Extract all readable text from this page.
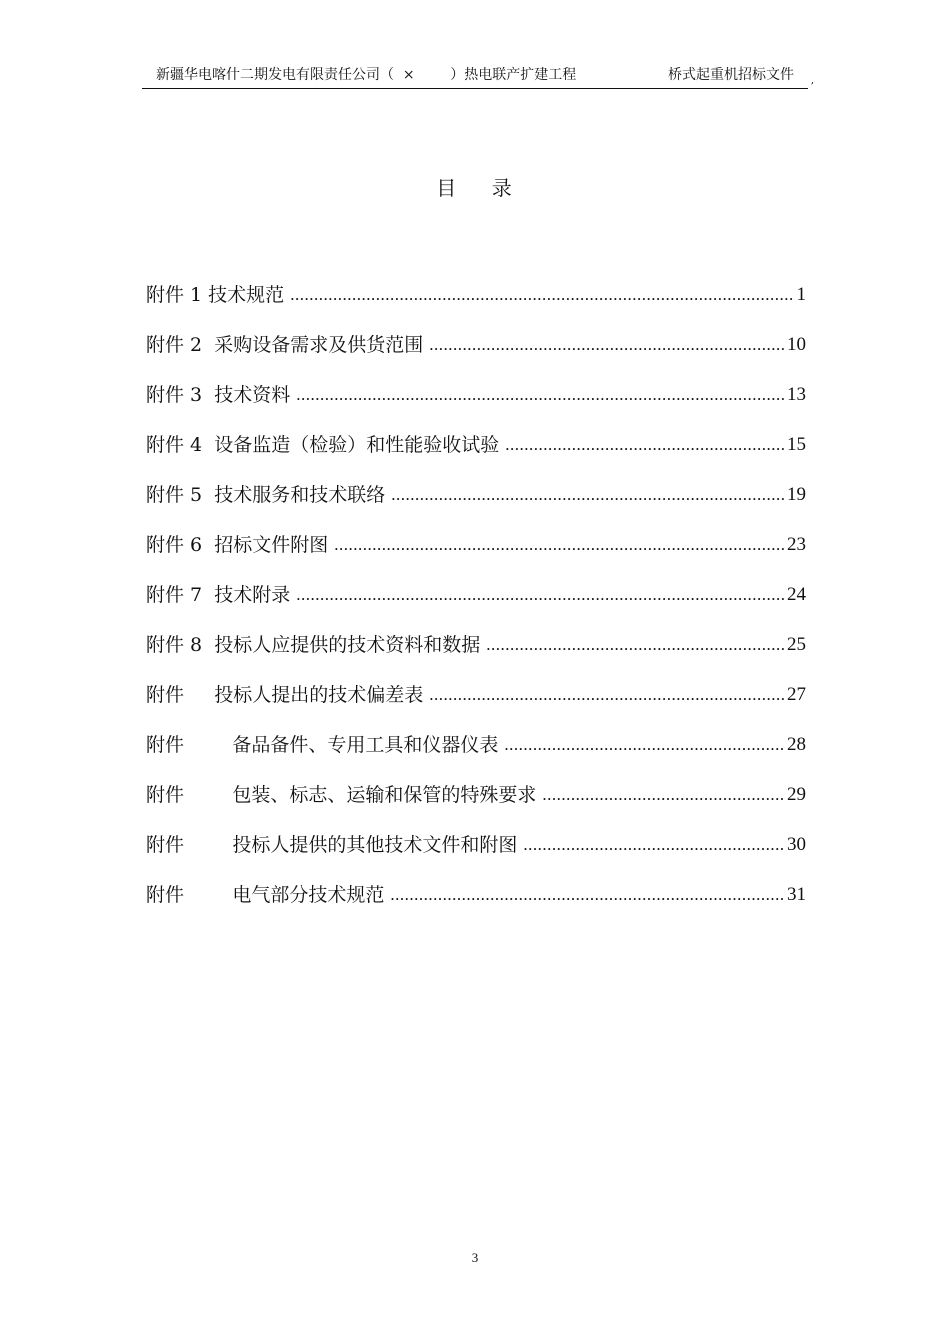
新疆华电喀什二期发电有限责任公司（  ×        ）热电联产扩建工程	桥式起重机招标文件 ,
目    录
附件 1 技术规范 .....	1
附件 2 采购设备需求及供货范围 .....	10
附件 3 技术资料 .....	13
附件 4 设备监造（检验）和性能验收试验 .....	15
附件 5 技术服务和技术联络 .....	19
附件 6 招标文件附图 .....	23
附件 7 技术附录 .....	24
附件 8 投标人应提供的技术资料和数据 .....	25
附件 投标人提出的技术偏差表 .....	27
附件 备品备件、专用工具和仪器仪表 .....	28
附件 包装、标志、运输和保管的特殊要求 .....	29
附件 投标人提供的其他技术文件和附图 .....	30
附件 电气部分技术规范 .....	31
3
